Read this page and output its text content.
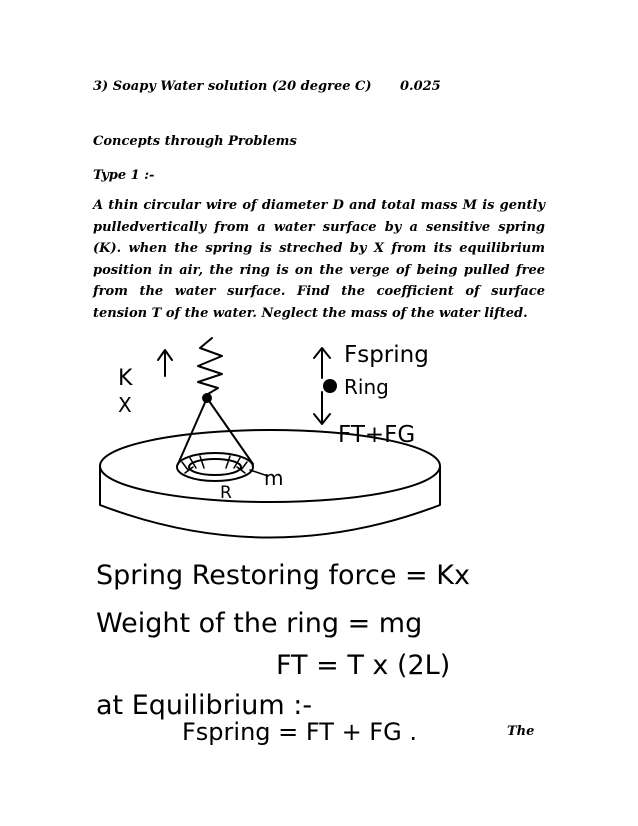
3) Soapy Water solution (20 degree C) 0.025
Concepts through Problems
Type 1 :-
A thin circular wire of diameter D and total mass M is gently pulledvertically from a water surface by a sensitive spring (K). when the spring is streched by X from its equilibrium position in air, the ring is on the verge of being pulled free from the water surface. Find the coefficient of surface tension T of the water. Neglect the mass of the water lifted.
K
X
m
R
Fspring
Ring
FT+FG
Spring Restoring force = Kx
Weight of the ring = mg
FT = T x (2L)
at Equilibrium :-
Fspring = FT + FG .	The
